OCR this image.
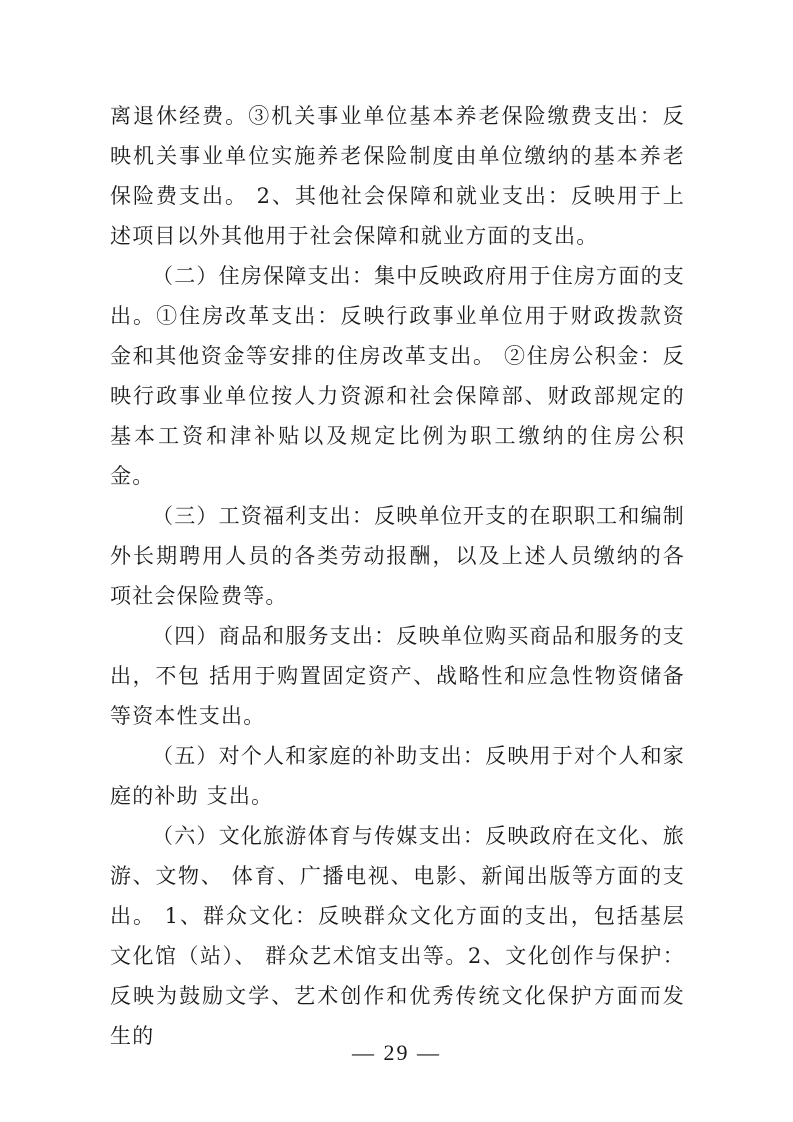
离退休经费。③机关事业单位基本养老保险缴费支出：反映机关事业单位实施养老保险制度由单位缴纳的基本养老保险费支出。 2、其他社会保障和就业支出：反映用于上述项目以外其他用于社会保障和就业方面的支出。

（二）住房保障支出：集中反映政府用于住房方面的支出。①住房改革支出：反映行政事业单位用于财政拨款资金和其他资金等安排的住房改革支出。 ②住房公积金：反映行政事业单位按人力资源和社会保障部、财政部规定的基本工资和津补贴以及规定比例为职工缴纳的住房公积金。

（三）工资福利支出：反映单位开支的在职职工和编制外长期聘用人员的各类劳动报酬，以及上述人员缴纳的各项社会保险费等。

（四）商品和服务支出：反映单位购买商品和服务的支出，不包 括用于购置固定资产、战略性和应急性物资储备等资本性支出。

（五）对个人和家庭的补助支出：反映用于对个人和家庭的补助 支出。

（六）文化旅游体育与传媒支出：反映政府在文化、旅游、文物、 体育、广播电视、电影、新闻出版等方面的支出。 1、群众文化：反映群众文化方面的支出，包括基层文化馆（站）、 群众艺术馆支出等。2、文化创作与保护：反映为鼓励文学、艺术创作和优秀传统文化保护方面而发生的

— 29 —
